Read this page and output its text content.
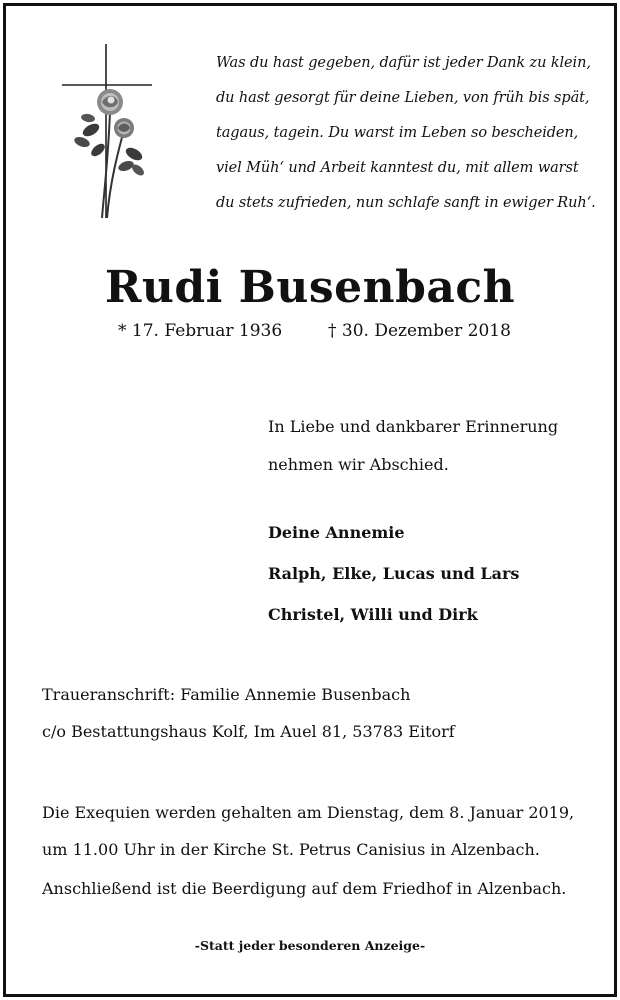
Was du hast gegeben, dafür ist jeder Dank zu klein,
du hast gesorgt für deine Lieben, von früh bis spät,
tagaus, tagein. Du warst im Leben so bescheiden,
viel Müh‘ und Arbeit kanntest du, mit allem warst
du stets zufrieden, nun schlafe sanft in ewiger Ruh‘.
Rudi Busenbach
* 17. Februar 1936	† 30. Dezember 2018
In Liebe und dankbarer Erinnerung
nehmen wir Abschied.
Deine Annemie
Ralph, Elke, Lucas und Lars
Christel, Willi und Dirk
Traueranschrift: Familie Annemie Busenbach
c/o Bestattungshaus Kolf, Im Auel 81, 53783 Eitorf
Die Exequien werden gehalten am Dienstag, dem 8. Januar 2019,
um 11.00 Uhr in der Kirche St. Petrus Canisius in Alzenbach.
Anschließend ist die Beerdigung auf dem Friedhof in Alzenbach.
-Statt jeder besonderen Anzeige-
